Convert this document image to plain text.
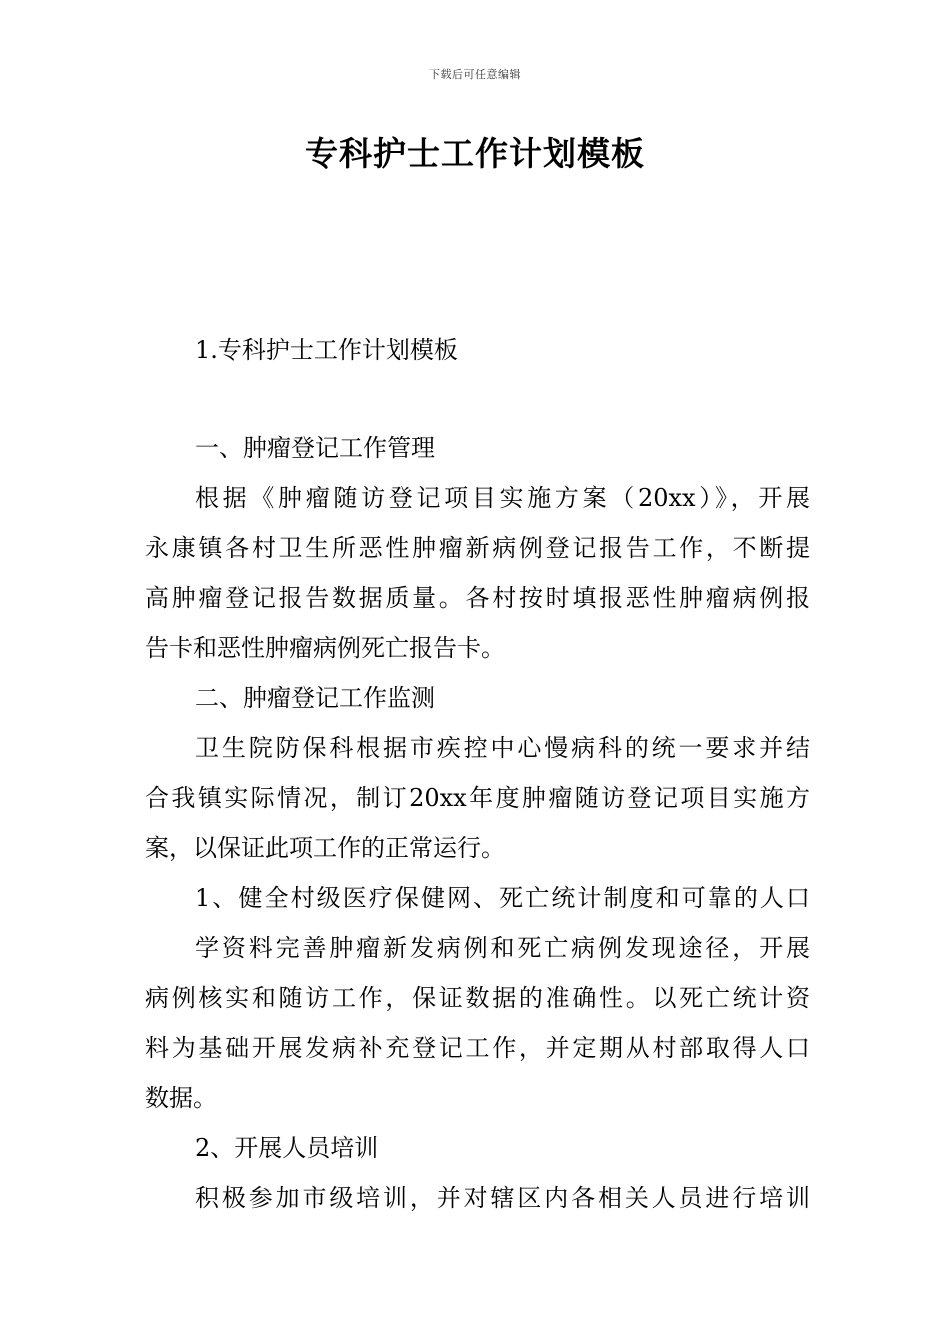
下载后可任意编辑
专科护士工作计划模板
1.专科护士工作计划模板
一、肿瘤登记工作管理
根据《肿瘤随访登记项目实施方案（20xx）》，开展
永康镇各村卫生所恶性肿瘤新病例登记报告工作，不断提
高肿瘤登记报告数据质量。各村按时填报恶性肿瘤病例报
告卡和恶性肿瘤病例死亡报告卡。
二、肿瘤登记工作监测
卫生院防保科根据市疾控中心慢病科的统一要求并结
合我镇实际情况，制订20xx年度肿瘤随访登记项目实施方
案，以保证此项工作的正常运行。
1、健全村级医疗保健网、死亡统计制度和可靠的人口
学资料完善肿瘤新发病例和死亡病例发现途径，开展
病例核实和随访工作，保证数据的准确性。以死亡统计资
料为基础开展发病补充登记工作，并定期从村部取得人口
数据。
2、开展人员培训
积极参加市级培训，并对辖区内各相关人员进行培训
